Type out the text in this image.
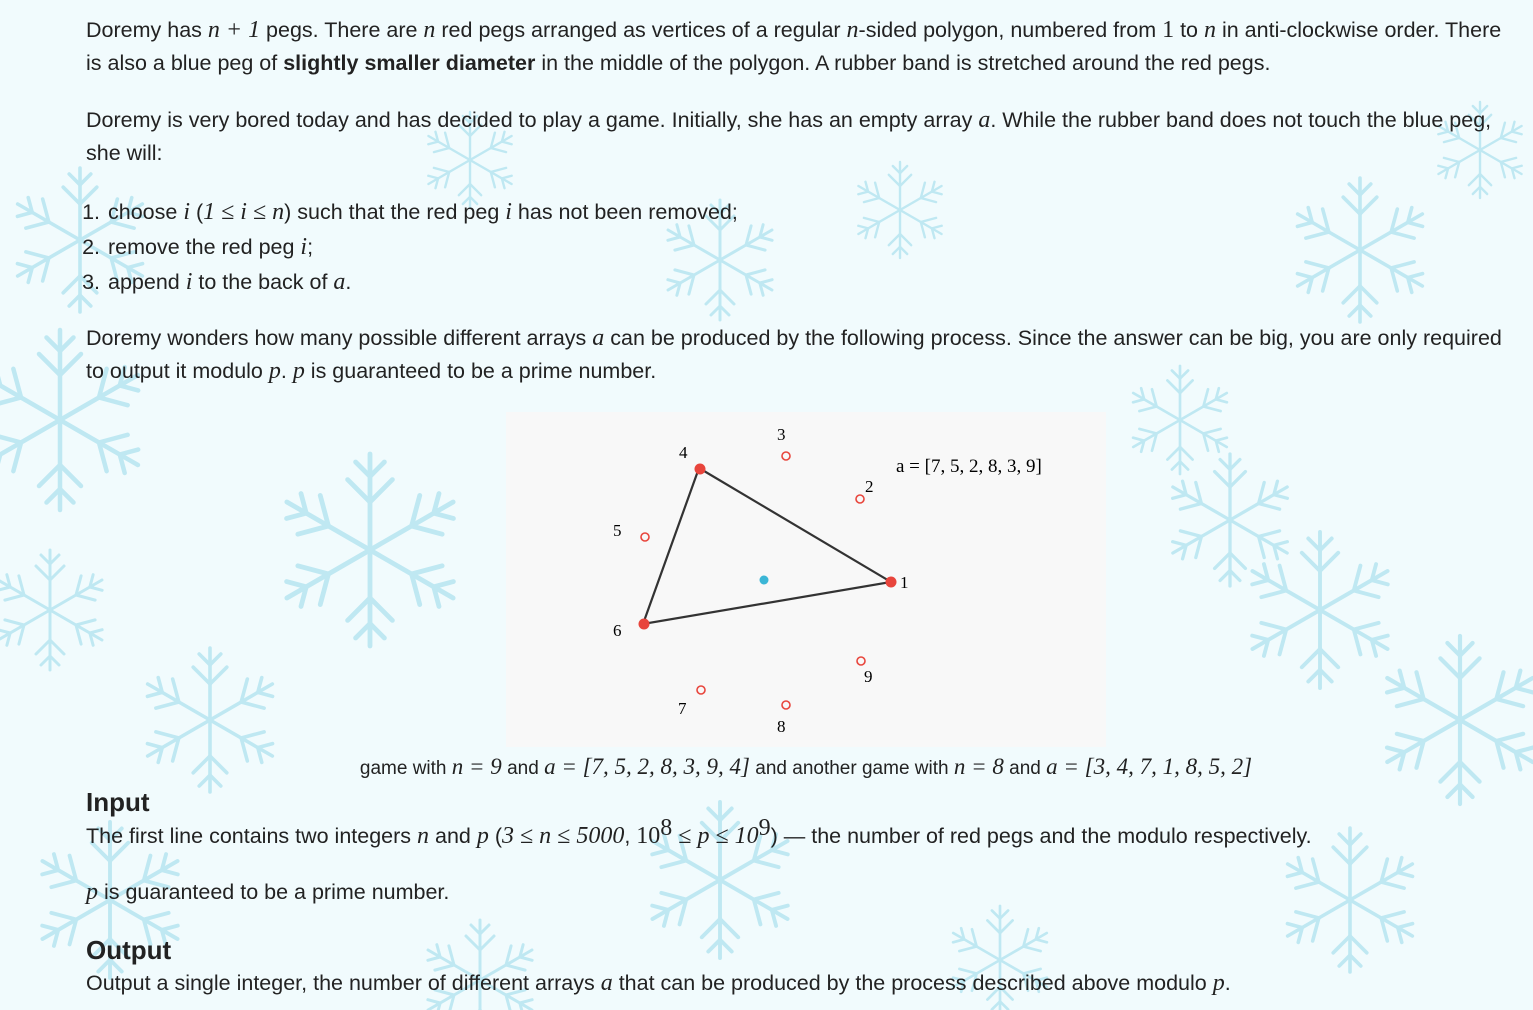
Doremy has n + 1 pegs. There are n red pegs arranged as vertices of a regular n-sided polygon, numbered from 1 to n in anti-clockwise order. There is also a blue peg of slightly smaller diameter in the middle of the polygon. A rubber band is stretched around the red pegs.

Doremy is very bored today and has decided to play a game. Initially, she has an empty array a. While the rubber band does not touch the blue peg, she will:

1. choose i (1 ≤ i ≤ n) such that the red peg i has not been removed;
2. remove the red peg i;
3. append i to the back of a.

Doremy wonders how many possible different arrays a can be produced by the following process. Since the answer can be big, you are only required to output it modulo p. p is guaranteed to be a prime number.

1
2
3
4
5
6
7
8
9
a = [7, 5, 2, 8, 3, 9]
game with n = 9 and a = [7, 5, 2, 8, 3, 9, 4] and another game with n = 8 and a = [3, 4, 7, 1, 8, 5, 2]
Input

The first line contains two integers n and p (3 ≤ n ≤ 5000, $10^8 \le p \le 10^9$) — the number of red pegs and the modulo respectively.

p is guaranteed to be a prime number.

Output

Output a single integer, the number of different arrays a that can be produced by the process described above modulo p.
